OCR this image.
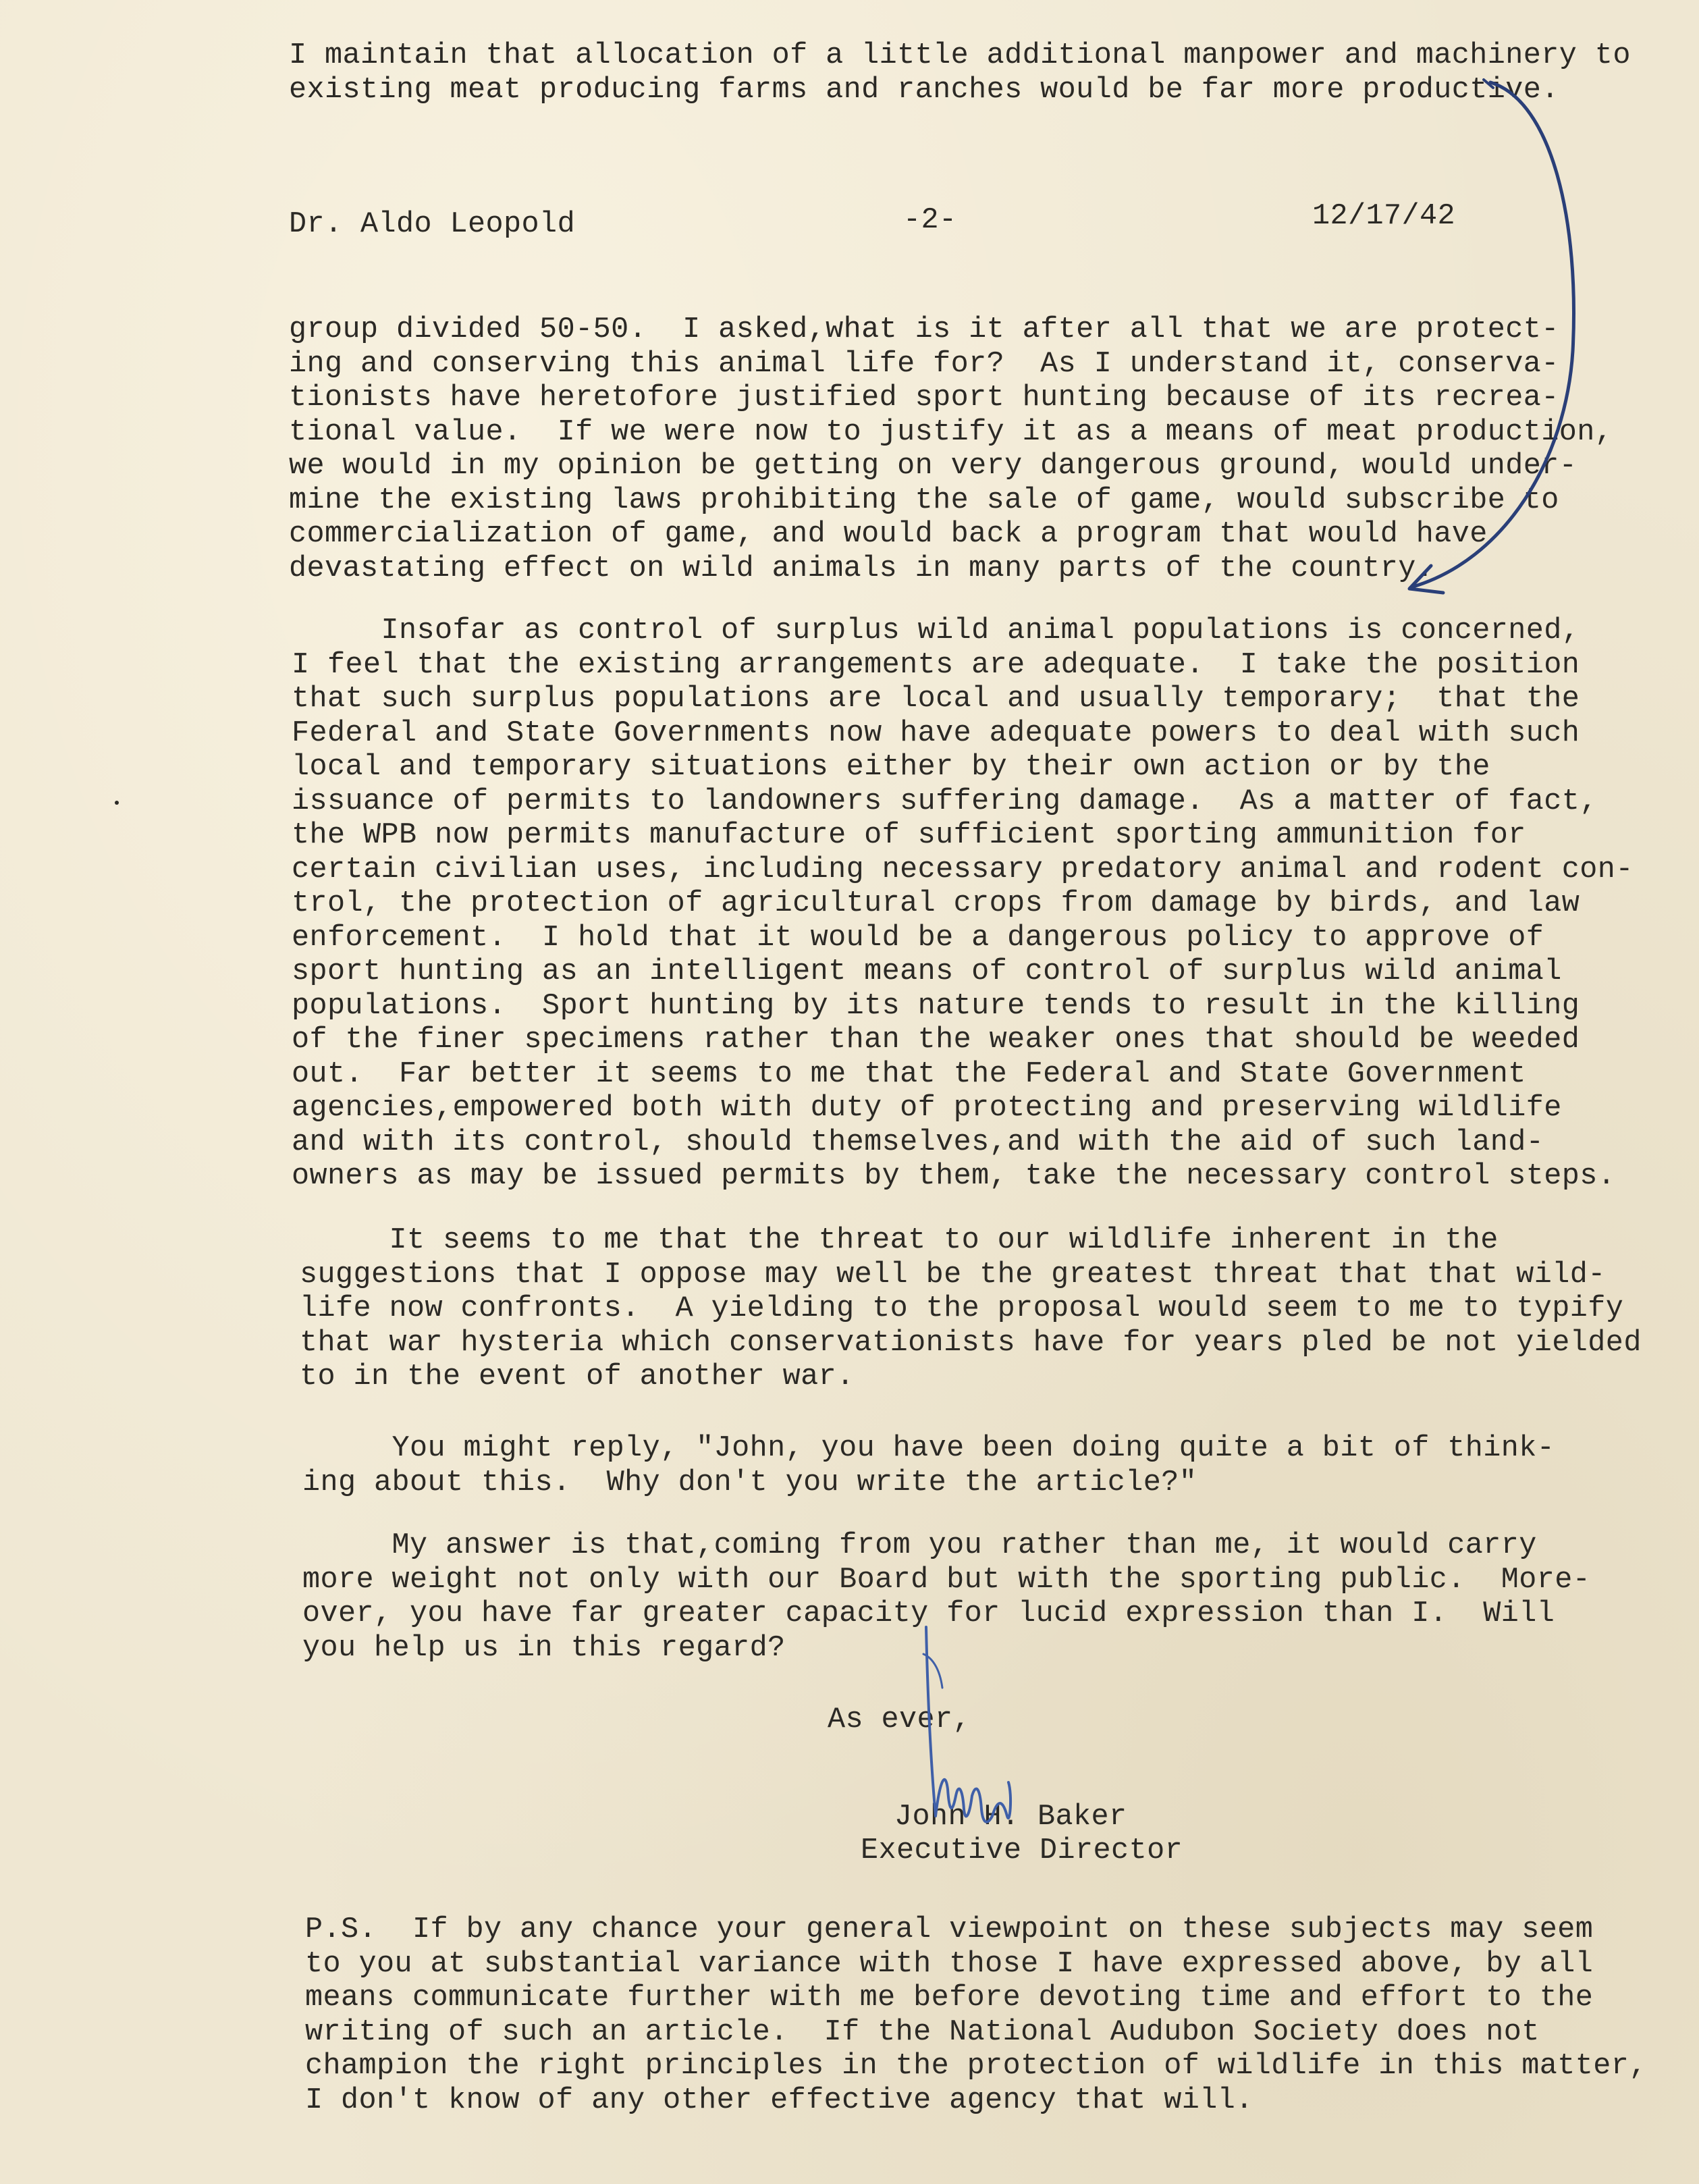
I maintain that allocation of a little additional manpower and machinery to
existing meat producing farms and ranches would be far more productive.
Dr. Aldo Leopold	-2-	12/17/42
group divided 50-50.  I asked,what is it after all that we are protect-
ing and conserving this animal life for?  As I understand it, conserva-
tionists have heretofore justified sport hunting because of its recrea-
tional value.  If we were now to justify it as a means of meat production,
we would in my opinion be getting on very dangerous ground, would under-
mine the existing laws prohibiting the sale of game, would subscribe to
commercialization of game, and would back a program that would have
devastating effect on wild animals in many parts of the country.
Insofar as control of surplus wild animal populations is concerned,
I feel that the existing arrangements are adequate.  I take the position
that such surplus populations are local and usually temporary;  that the
Federal and State Governments now have adequate powers to deal with such
local and temporary situations either by their own action or by the
issuance of permits to landowners suffering damage.  As a matter of fact,
the WPB now permits manufacture of sufficient sporting ammunition for
certain civilian uses, including necessary predatory animal and rodent con-
trol, the protection of agricultural crops from damage by birds, and law
enforcement.  I hold that it would be a dangerous policy to approve of
sport hunting as an intelligent means of control of surplus wild animal
populations.  Sport hunting by its nature tends to result in the killing
of the finer specimens rather than the weaker ones that should be weeded
out.  Far better it seems to me that the Federal and State Government
agencies,empowered both with duty of protecting and preserving wildlife
and with its control, should themselves,and with the aid of such land-
owners as may be issued permits by them, take the necessary control steps.
It seems to me that the threat to our wildlife inherent in the
suggestions that I oppose may well be the greatest threat that that wild-
life now confronts.  A yielding to the proposal would seem to me to typify
that war hysteria which conservationists have for years pled be not yielded
to in the event of another war.
You might reply, "John, you have been doing quite a bit of think-
ing about this.  Why don't you write the article?"
My answer is that,coming from you rather than me, it would carry
more weight not only with our Board but with the sporting public.  More-
over, you have far greater capacity for lucid expression than I.  Will
you help us in this regard?
As ever,
John H. Baker
Executive Director
P.S.  If by any chance your general viewpoint on these subjects may seem
to you at substantial variance with those I have expressed above, by all
means communicate further with me before devoting time and effort to the
writing of such an article.  If the National Audubon Society does not
champion the right principles in the protection of wildlife in this matter,
I don't know of any other effective agency that will.
